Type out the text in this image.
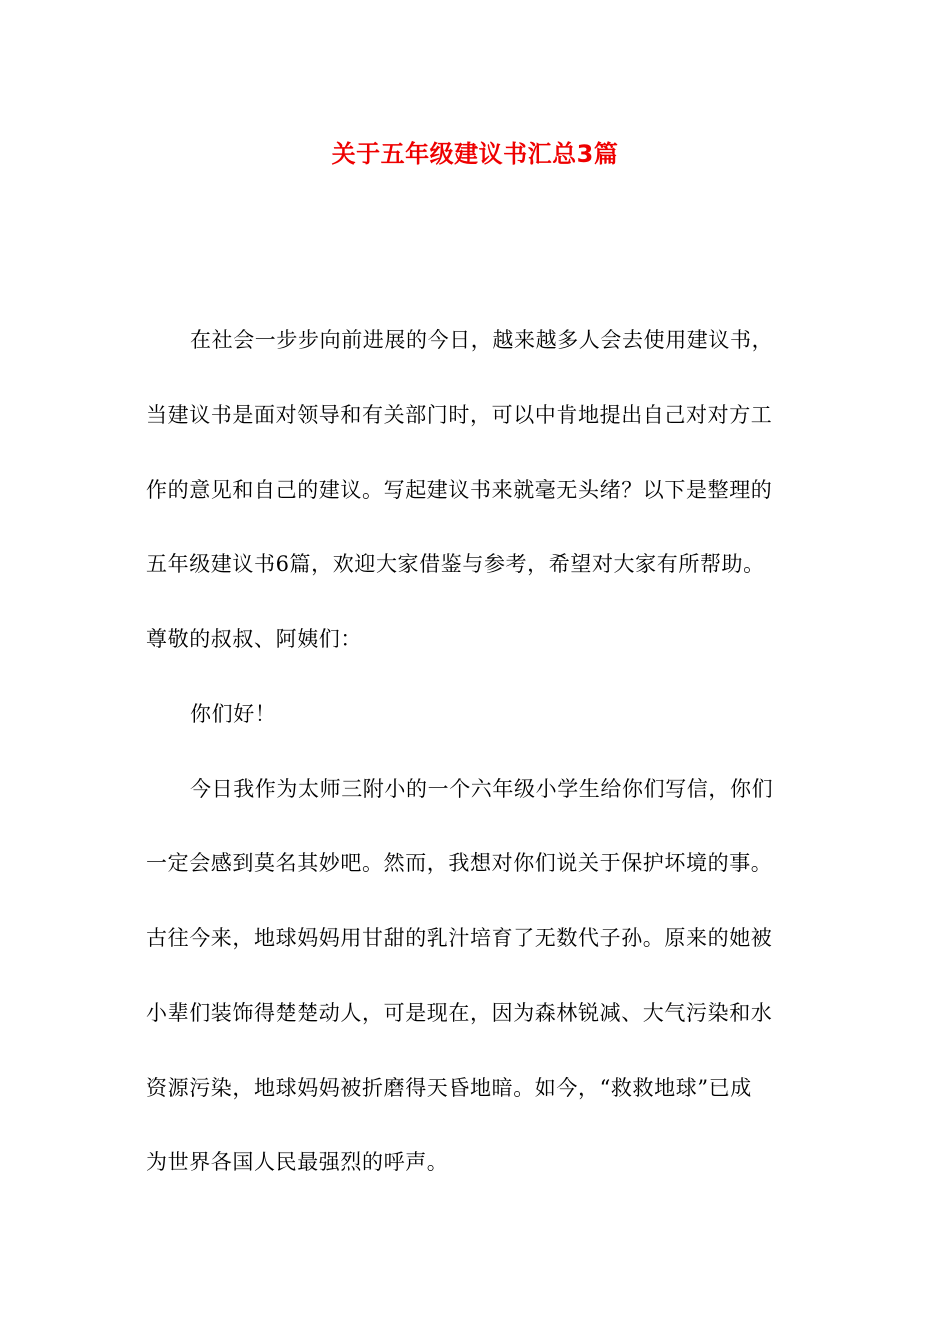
关于五年级建议书汇总3篇
在社会一步步向前进展的今日，越来越多人会去使用建议书，
当建议书是面对领导和有关部门时，可以中肯地提出自己对对方工
作的意见和自己的建议。写起建议书来就毫无头绪？以下是整理的
五年级建议书6篇，欢迎大家借鉴与参考，希望对大家有所帮助。
尊敬的叔叔、阿姨们：
你们好！
今日我作为太师三附小的一个六年级小学生给你们写信，你们
一定会感到莫名其妙吧。然而，我想对你们说关于保护坏境的事。
古往今来，地球妈妈用甘甜的乳汁培育了无数代子孙。原来的她被
小辈们装饰得楚楚动人，可是现在，因为森林锐减、大气污染和水
资源污染，地球妈妈被折磨得天昏地暗。如今，“救救地球”已成
为世界各国人民最强烈的呼声。
